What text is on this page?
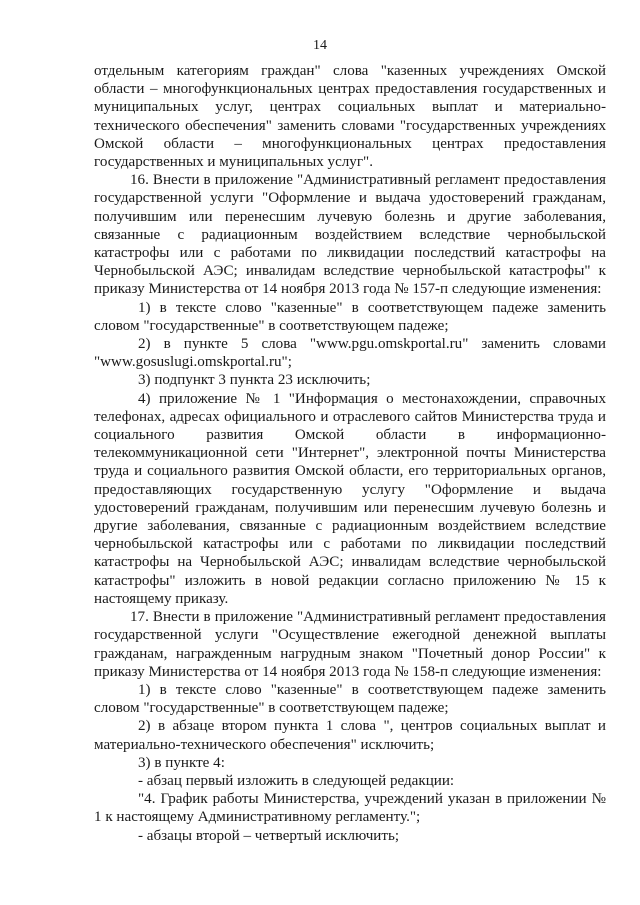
14

отдельным категориям граждан" слова "казенных учреждениях Омской области – многофункциональных центрах предоставления государственных и муниципальных услуг, центрах социальных выплат и материально-технического обеспечения" заменить словами "государственных учреждениях Омской области – многофункциональных центрах предоставления государственных и муниципальных услуг".

16. Внести в приложение "Административный регламент предоставления государственной услуги "Оформление и выдача удостоверений гражданам, получившим или перенесшим лучевую болезнь и другие заболевания, связанные с радиационным воздействием вследствие чернобыльской катастрофы или с работами по ликвидации последствий катастрофы на Чернобыльской АЭС; инвалидам вследствие чернобыльской катастрофы" к приказу Министерства от 14 ноября 2013 года № 157-п следующие изменения:

1) в тексте слово "казенные" в соответствующем падеже заменить словом "государственные" в соответствующем падеже;

2) в пункте 5 слова "www.pgu.omskportal.ru" заменить словами "www.gosuslugi.omskportal.ru";

3) подпункт 3 пункта 23 исключить;

4) приложение № 1 "Информация о местонахождении, справочных телефонах, адресах официального и отраслевого сайтов Министерства труда и социального развития Омской области в информационно-телекоммуникационной сети "Интернет", электронной почты Министерства труда и социального развития Омской области, его территориальных органов, предоставляющих государственную услугу "Оформление и выдача удостоверений гражданам, получившим или перенесшим лучевую болезнь и другие заболевания, связанные с радиационным воздействием вследствие чернобыльской катастрофы или с работами по ликвидации последствий катастрофы на Чернобыльской АЭС; инвалидам вследствие чернобыльской катастрофы" изложить в новой редакции согласно приложению № 15 к настоящему приказу.

17. Внести в приложение "Административный регламент предоставления государственной услуги "Осуществление ежегодной денежной выплаты гражданам, награжденным нагрудным знаком "Почетный донор России" к приказу Министерства от 14 ноября 2013 года № 158-п следующие изменения:

1) в тексте слово "казенные" в соответствующем падеже заменить словом "государственные" в соответствующем падеже;

2) в абзаце втором пункта 1 слова ", центров социальных выплат и материально-технического обеспечения" исключить;

3) в пункте 4:

- абзац первый изложить в следующей редакции:

"4. График работы Министерства, учреждений указан в приложении № 1 к настоящему Административному регламенту.";

- абзацы второй – четвертый исключить;
